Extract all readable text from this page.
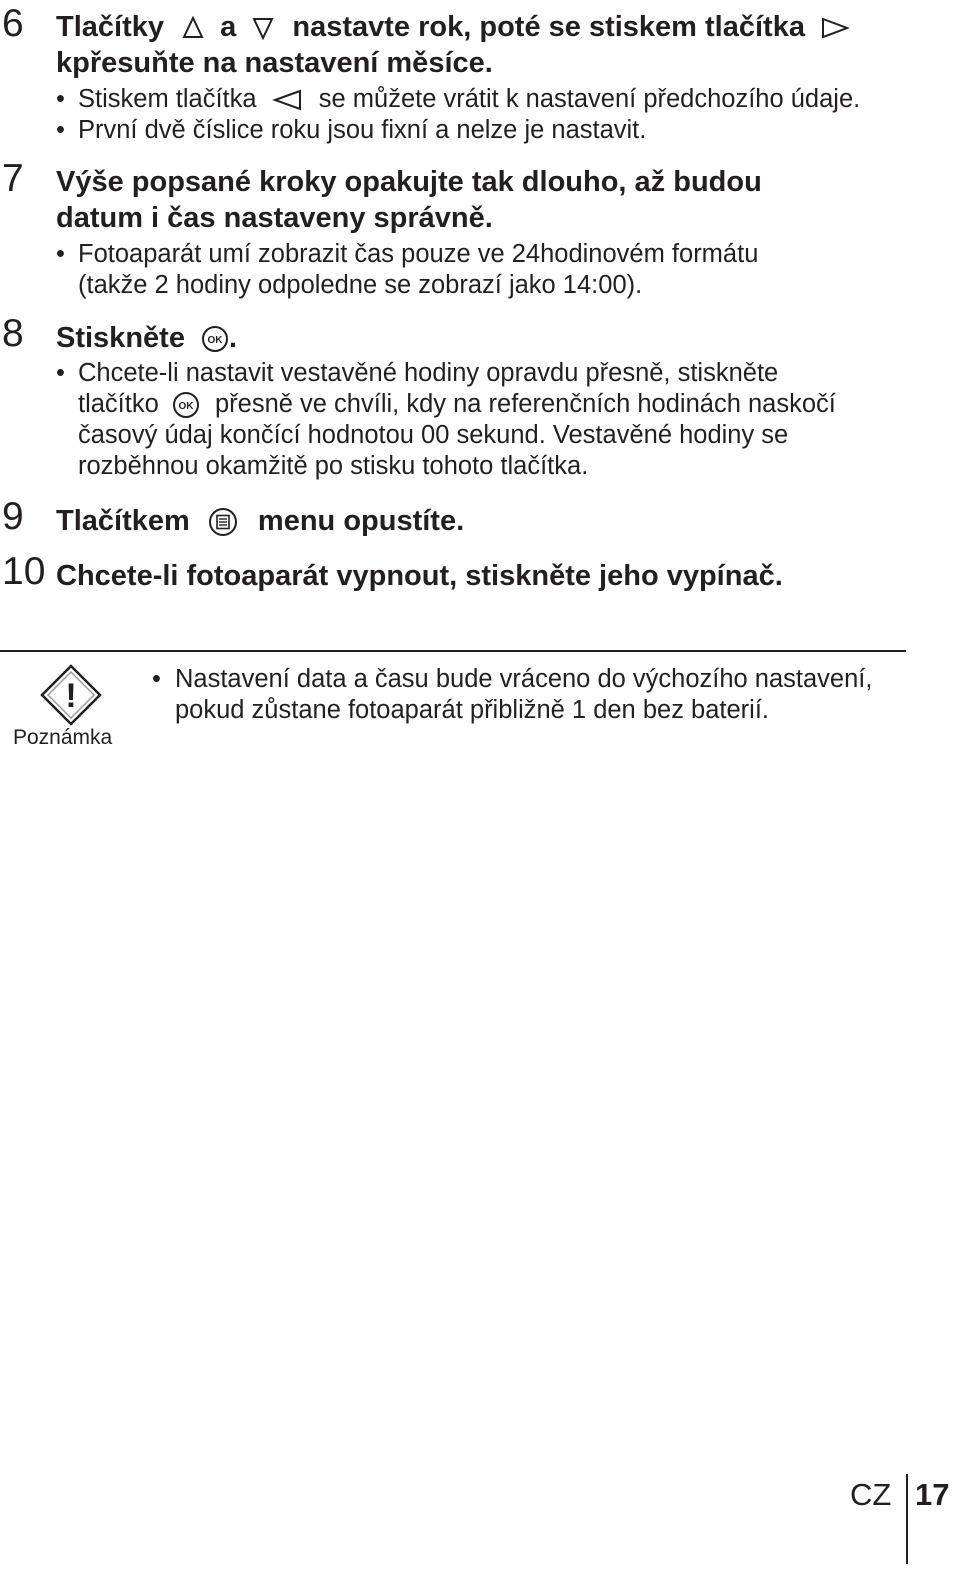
6 Tlačítky a nastavte rok, poté se stiskem tlačítka
kpřesuňte na nastavení měsíce.
• Stiskem tlačítka se můžete vrátit k nastavení předchozího údaje.
• První dvě číslice roku jsou fixní a nelze je nastavit.
7 Výše popsané kroky opakujte tak dlouho, až budou
datum i čas nastaveny správně.
• Fotoaparát umí zobrazit čas pouze ve 24hodinovém formátu
(takže 2 hodiny odpoledne se zobrazí jako 14:00).
8 Stiskněte OK .
• Chcete-li nastavit vestavěné hodiny opravdu přesně, stiskněte
tlačítko OK přesně ve chvíli, kdy na referenčních hodinách naskočí
časový údaj končící hodnotou 00 sekund. Vestavěné hodiny se
rozběhnou okamžitě po stisku tohoto tlačítka.
9 Tlačítkem menu opustíte.
10 Chcete-li fotoaparát vypnout, stiskněte jeho vypínač.
!
Poznámka
• Nastavení data a času bude vráceno do výchozího nastavení,
pokud zůstane fotoaparát přibližně 1 den bez baterií.
CZ 17
